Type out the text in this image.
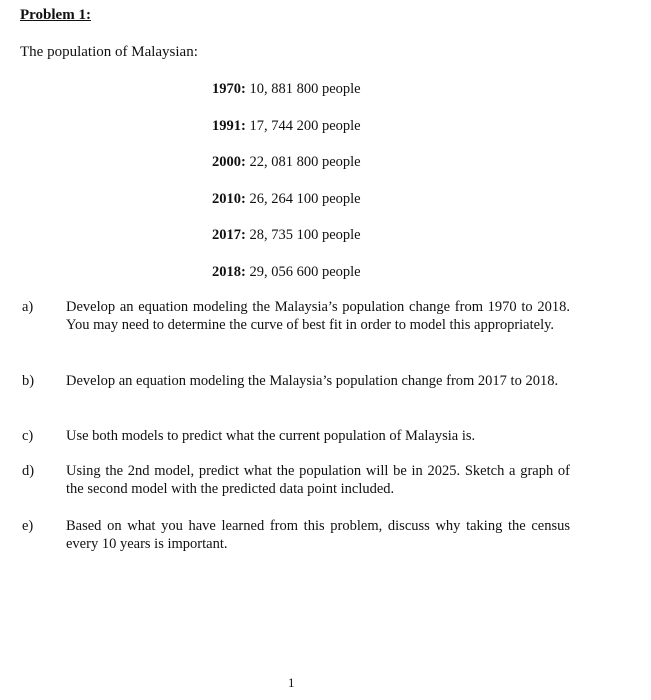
Problem 1:
The population of Malaysian:
1970: 10, 881 800 people
1991: 17, 744 200 people
2000: 22, 081 800 people
2010: 26, 264 100 people
2017: 28, 735 100 people
2018: 29, 056 600 people
a) Develop an equation modeling the Malaysia’s population change from 1970 to 2018. You may need to determine the curve of best fit in order to model this appropriately.
b) Develop an equation modeling the Malaysia’s population change from 2017 to 2018.
c) Use both models to predict what the current population of Malaysia is.
d) Using the 2nd model, predict what the population will be in 2025. Sketch a graph of the second model with the predicted data point included.
e) Based on what you have learned from this problem, discuss why taking the census every 10 years is important.
1
